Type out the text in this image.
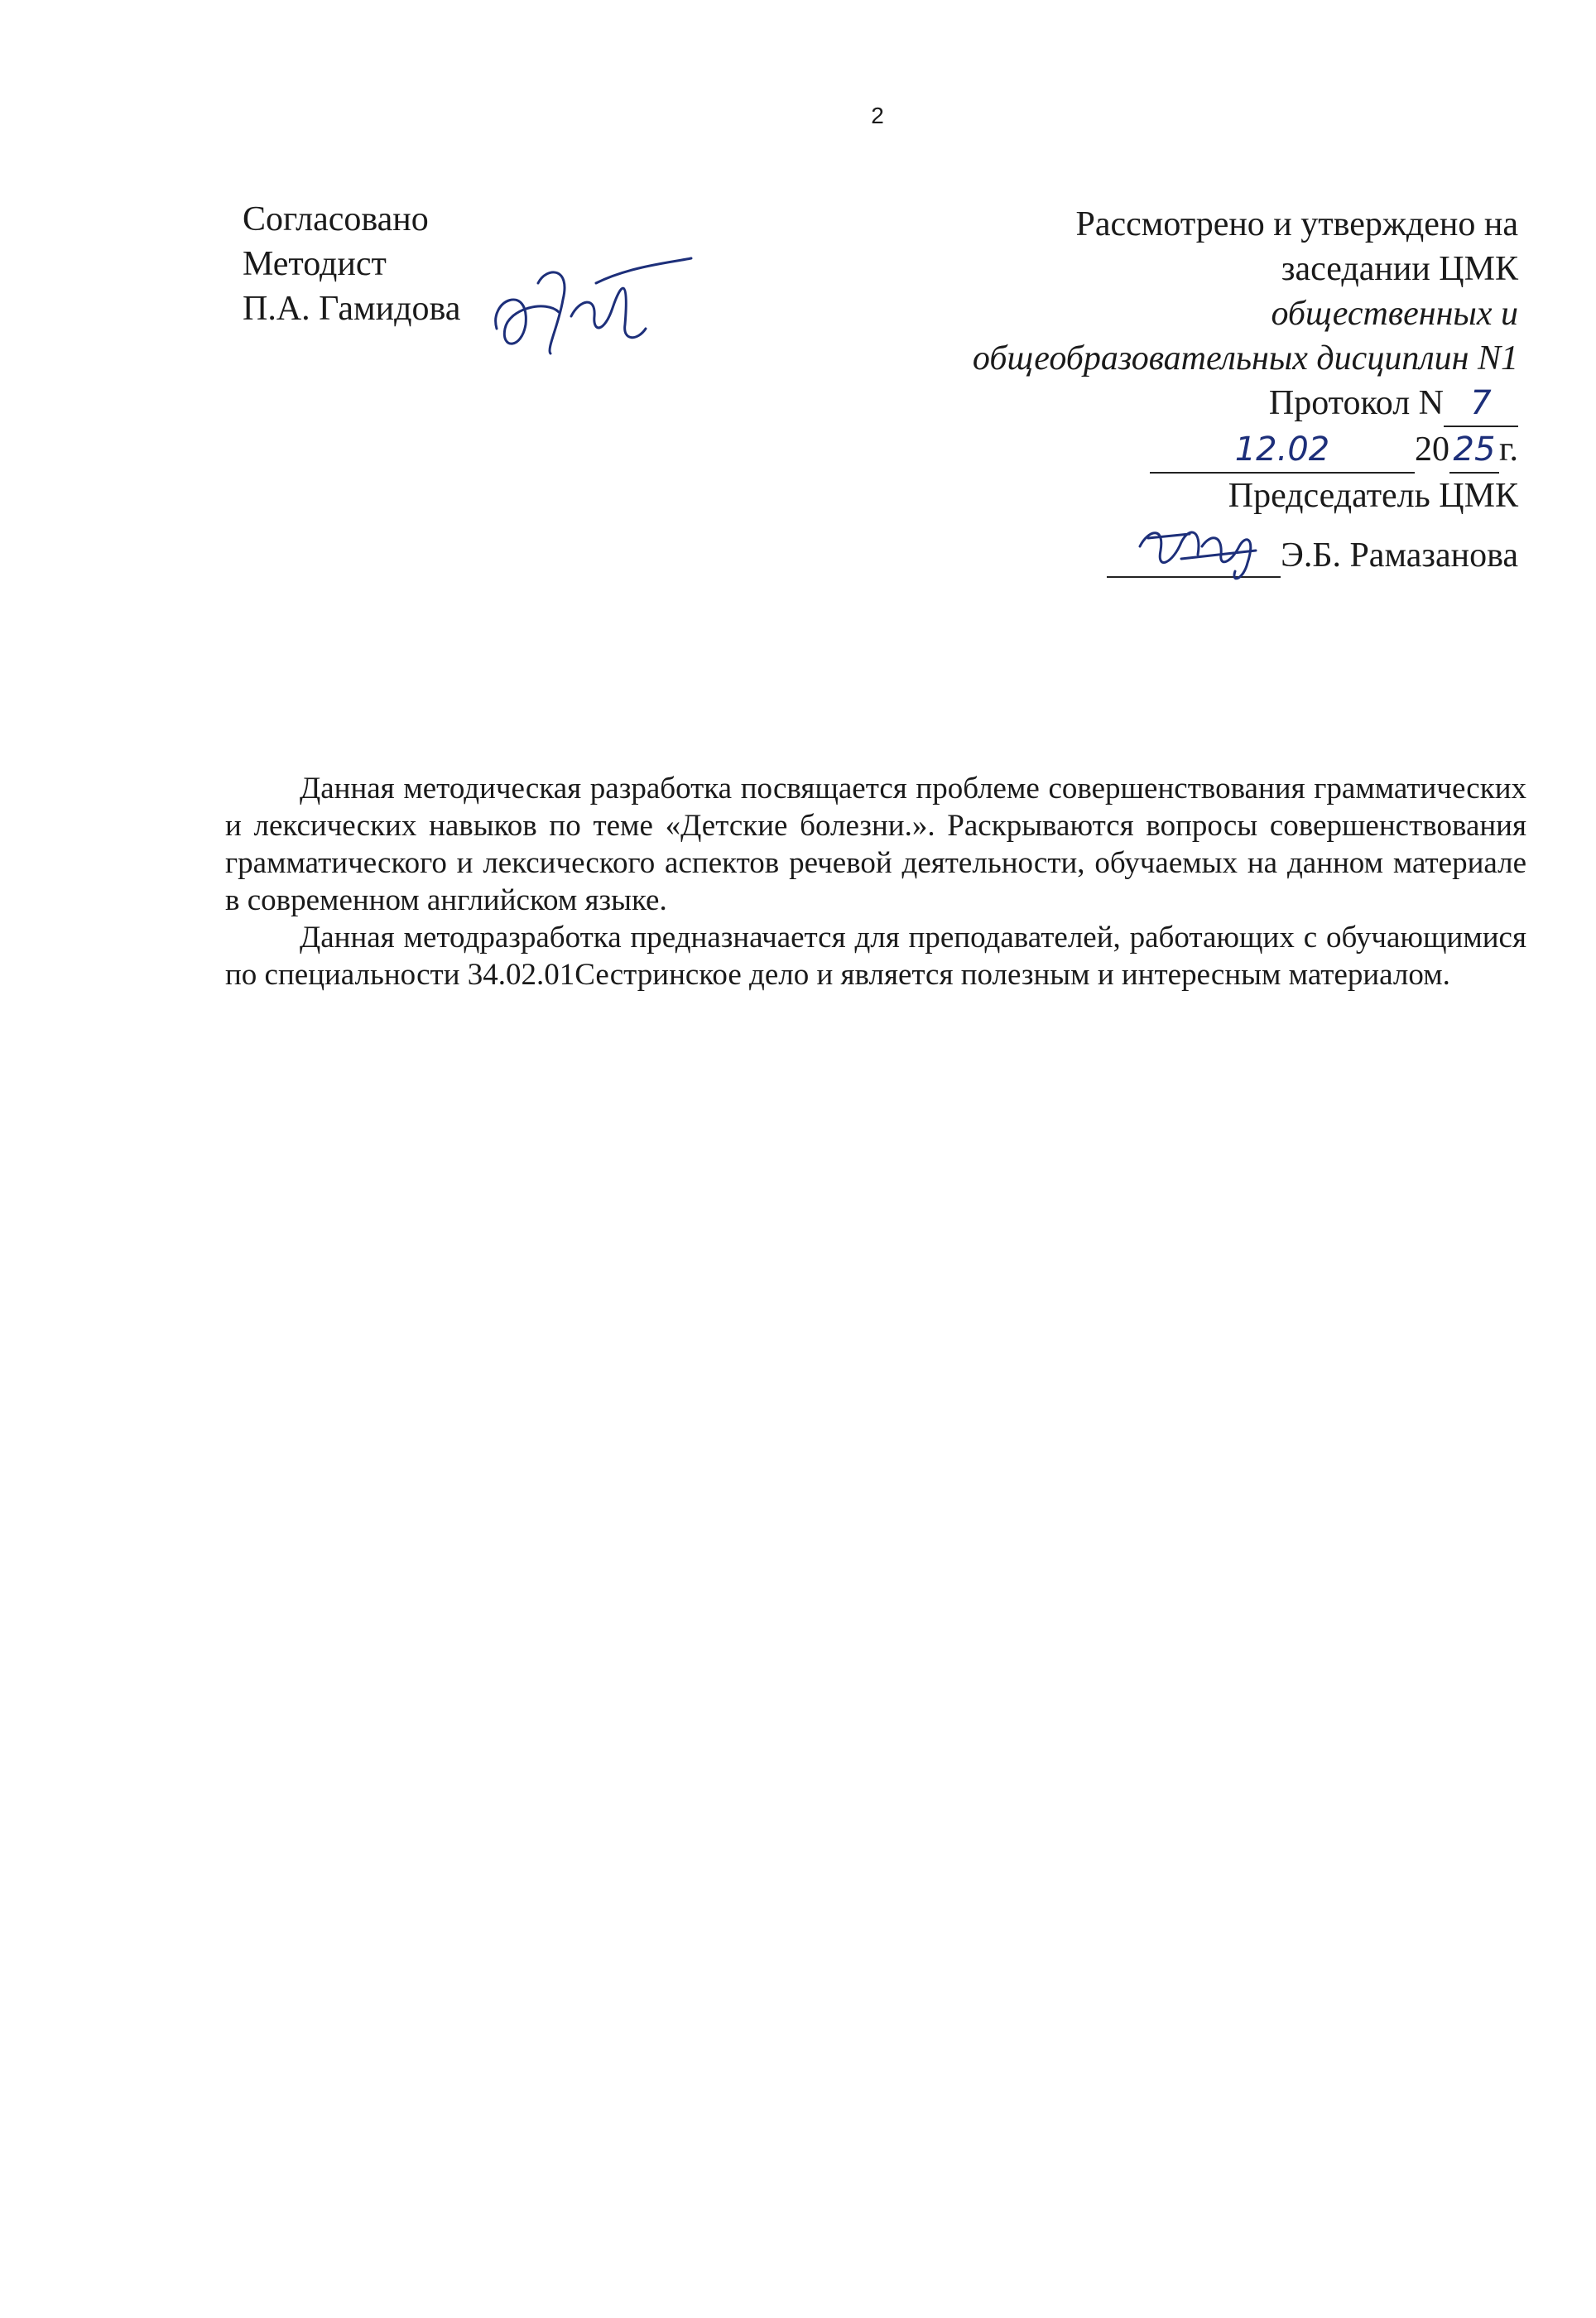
2
Согласовано
Методист
П.А. Гамидова
Рассмотрено и утверждено на
заседании ЦМК
общественных и
общеобразовательных дисциплин N1
Протокол N 7
12.02 20 25 г.
Председатель ЦМК
Э.Б. Рамазанова

Данная методическая разработка посвящается проблеме совершенствования грамматических и лексических навыков по теме «Детские болезни.». Раскрываются вопросы совершенствования грамматического и лексического аспектов речевой деятельности, обучаемых на данном материале в современном английском языке.

Данная методразработка предназначается для преподавателей, работающих с обучающимися по специальности 34.02.01Сестринское дело и является полезным и интересным материалом.
